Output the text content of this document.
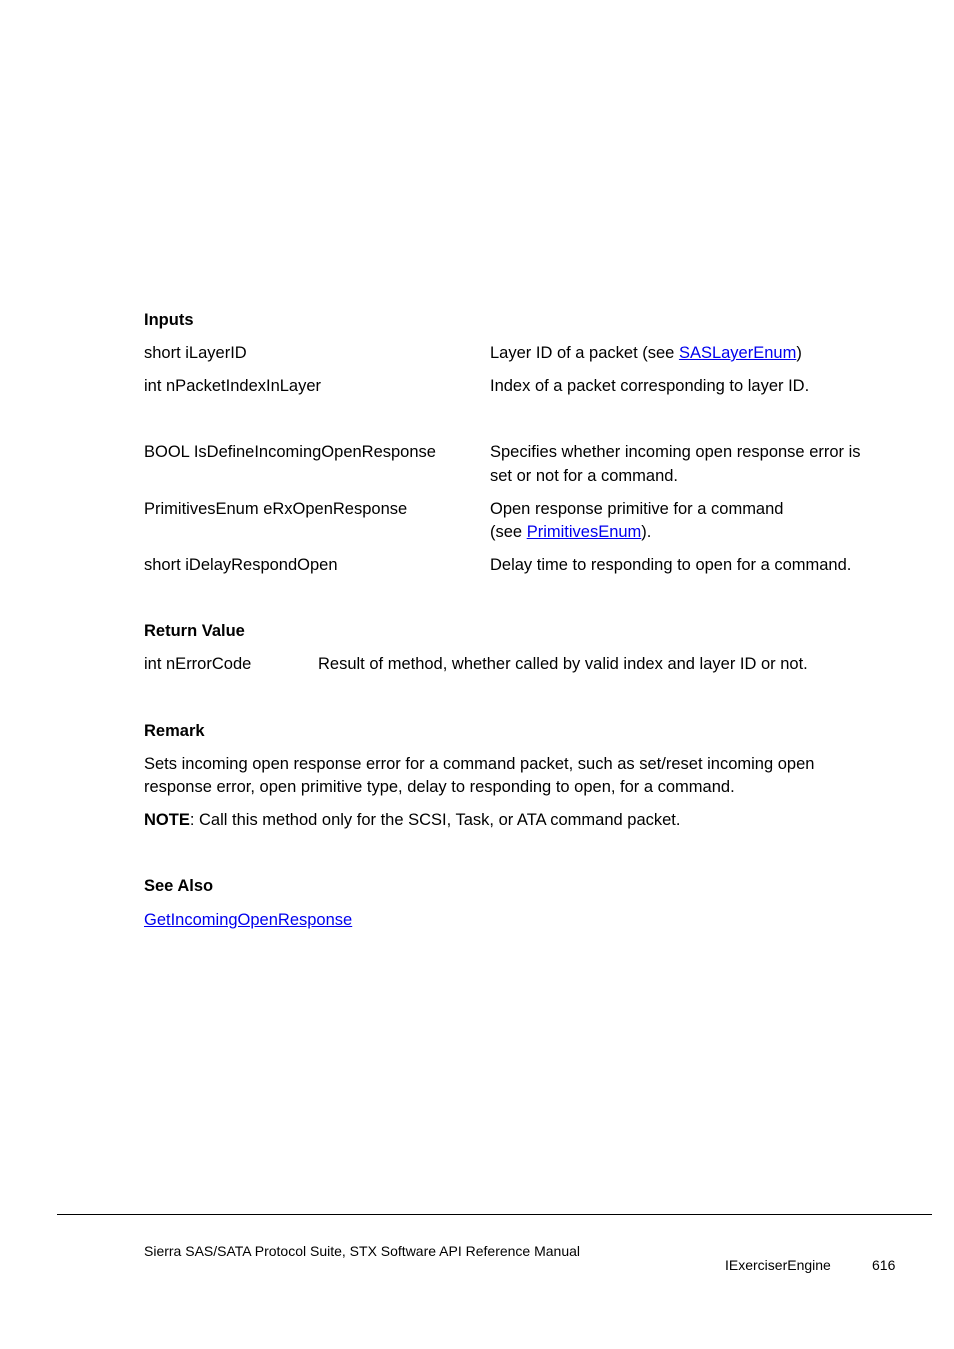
Inputs
short iLayerID	Layer ID of a packet (see SASLayerEnum)
int nPacketIndexInLayer	Index of a packet corresponding to layer ID.
BOOL IsDefineIncomingOpenResponse	Specifies whether incoming open response error is
set or not for a command.
PrimitivesEnum eRxOpenResponse	Open response primitive for a command
(see PrimitivesEnum).
short iDelayRespondOpen	Delay time to responding to open for a command.
Return Value
int nErrorCode	Result of method, whether called by valid index and layer ID or not.
Remark
Sets incoming open response error for a command packet, such as set/reset incoming open
response error, open primitive type, delay to responding to open, for a command.
NOTE: Call this method only for the SCSI, Task, or ATA command packet.
See Also
GetIncomingOpenResponse
Sierra SAS/SATA Protocol Suite, STX Software API Reference Manual
IExerciserEngine	616
